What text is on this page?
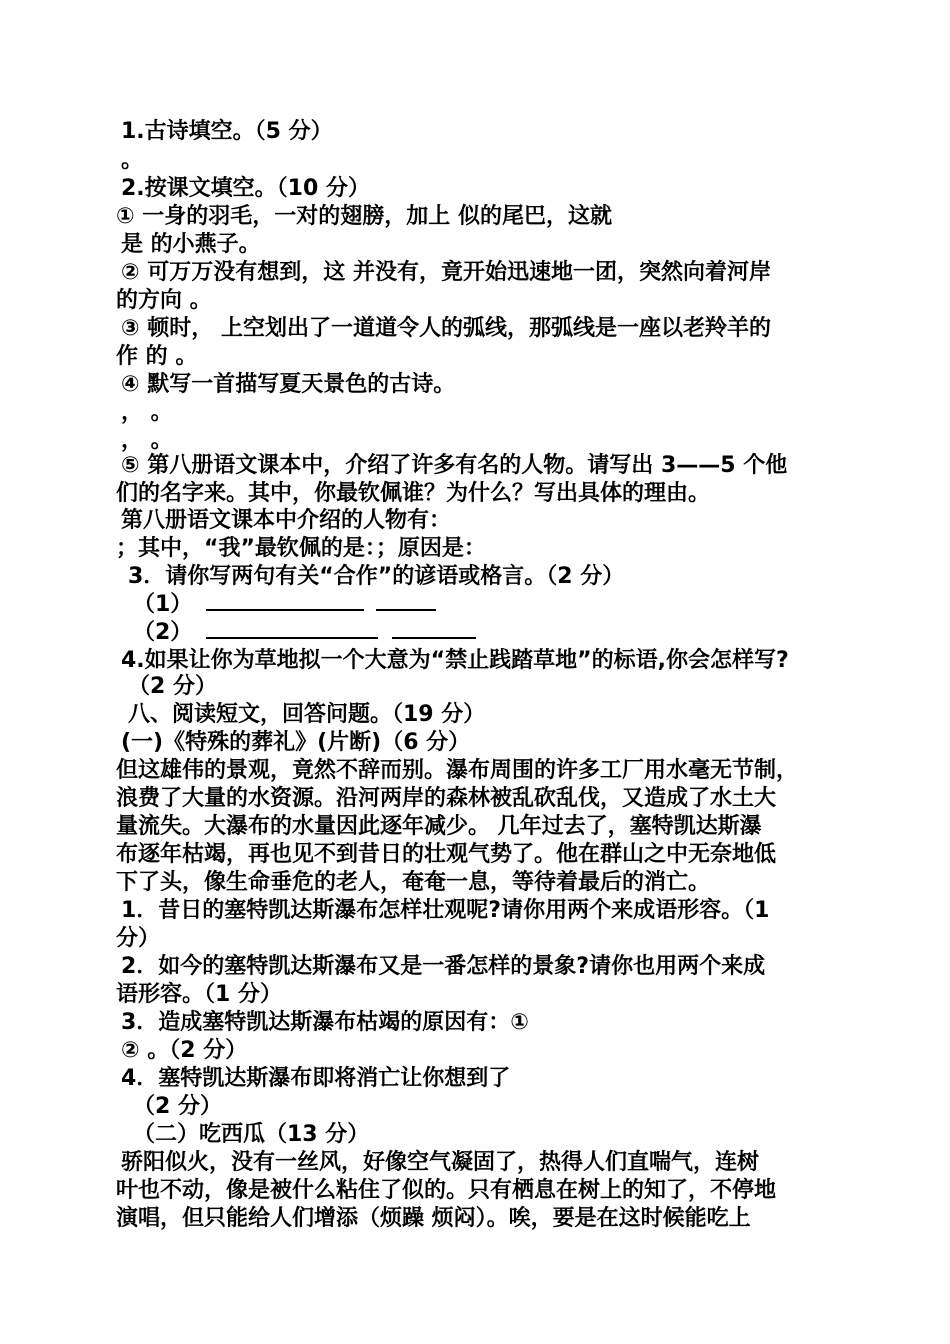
1.古诗填空。（5 分）
。
2.按课文填空。（10 分）
① 一身的羽毛，一对的翅膀，加上 似的尾巴，这就
是 的小燕子。
② 可万万没有想到，这 并没有，竟开始迅速地一团，突然向着河岸
的方向 。
③ 顿时， 上空划出了一道道令人的弧线，那弧线是一座以老羚羊的
作 的 。
④ 默写一首描写夏天景色的古诗。
， 。
， 。
⑤ 第八册语文课本中，介绍了许多有名的人物。请写出 3——5 个他
们的名字来。其中，你最钦佩谁？为什么？写出具体的理由。
第八册语文课本中介绍的人物有：
；其中，“我”最钦佩的是：；原因是：
3．请你写两句有关“合作”的谚语或格言。（2 分）
（1）
（2）
4.如果让你为草地拟一个大意为“禁止践踏草地”的标语,你会怎样写?
（2 分）
八、阅读短文，回答问题。（19 分）
(一)《特殊的葬礼》(片断)（6 分）
但这雄伟的景观，竟然不辞而别。瀑布周围的许多工厂用水毫无节制，
浪费了大量的水资源。沿河两岸的森林被乱砍乱伐，又造成了水土大
量流失。大瀑布的水量因此逐年减少。 几年过去了，塞特凯达斯瀑
布逐年枯竭，再也见不到昔日的壮观气势了。他在群山之中无奈地低
下了头，像生命垂危的老人，奄奄一息，等待着最后的消亡。
1．昔日的塞特凯达斯瀑布怎样壮观呢?请你用两个来成语形容。（1
分）
2．如今的塞特凯达斯瀑布又是一番怎样的景象?请你也用两个来成
语形容。（1 分）
3．造成塞特凯达斯瀑布枯竭的原因有：①
② 。（2 分）
4．塞特凯达斯瀑布即将消亡让你想到了
（2 分）
（二）吃西瓜（13 分）
骄阳似火，没有一丝风，好像空气凝固了，热得人们直喘气，连树
叶也不动，像是被什么粘住了似的。只有栖息在树上的知了，不停地
演唱，但只能给人们增添（烦躁 烦闷）。唉，要是在这时候能吃上
